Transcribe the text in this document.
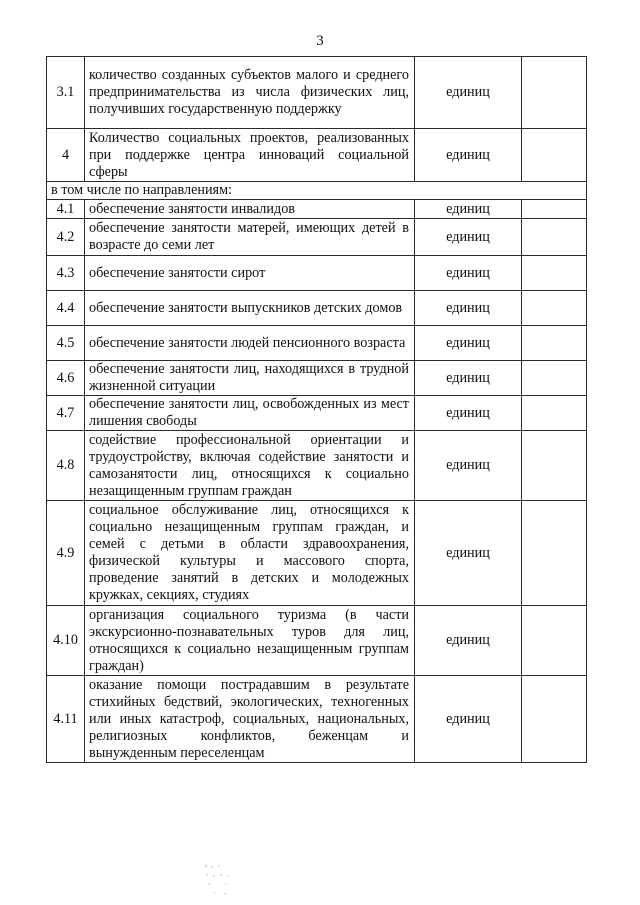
3
3.1	количество созданных субъектов малого и среднего предпринимательства из числа физических лиц, получивших государственную поддержку	единиц	
4	Количество социальных проектов, реализованных при поддержке центра инноваций социальной сферы	единиц	
в том числе по направлениям:			
4.1	обеспечение занятости инвалидов	единиц	
4.2	обеспечение занятости матерей, имеющих детей в возрасте до семи лет	единиц	
4.3	обеспечение занятости сирот	единиц	
4.4	обеспечение занятости выпускников детских домов	единиц	
4.5	обеспечение занятости людей пенсионного возраста	единиц	
4.6	обеспечение занятости лиц, находящихся в трудной жизненной ситуации	единиц	
4.7	обеспечение занятости лиц, освобожденных из мест лишения свободы	единиц	
4.8	содействие профессиональной ориентации и трудоустройству, включая содействие занятости и самозанятости лиц, относящихся к социально незащищенным группам граждан	единиц	
4.9	социальное обслуживание лиц, относящихся к социально незащищенным группам граждан, и семей с детьми в области здравоохранения, физической культуры и массового спорта, проведение занятий в детских и молодежных кружках, секциях, студиях	единиц	
4.10	организация социального туризма (в части экскурсионно-познавательных туров для лиц, относящихся к социально незащищенным группам граждан)	единиц	
4.11	оказание помощи пострадавшим в результате стихийных бедствий, экологических, техногенных или иных катастроф, социальных, национальных, религиозных конфликтов, беженцам и вынужденным переселенцам	единиц	
